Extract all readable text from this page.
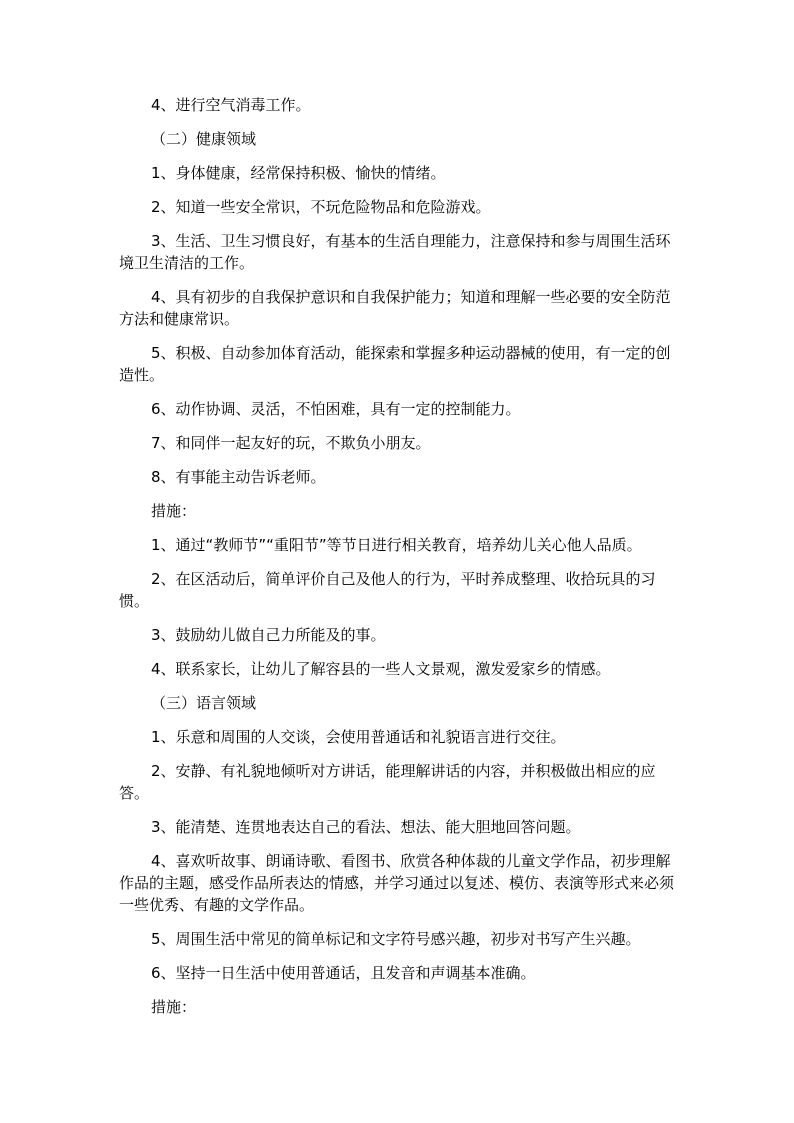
4、进行空气消毒工作。

（二）健康领域

1、身体健康，经常保持积极、愉快的情绪。

2、知道一些安全常识，不玩危险物品和危险游戏。

3、生活、卫生习惯良好，有基本的生活自理能力，注意保持和参与周围生活环境卫生清洁的工作。

4、具有初步的自我保护意识和自我保护能力；知道和理解一些必要的安全防范方法和健康常识。

5、积极、自动参加体育活动，能探索和掌握多种运动器械的使用，有一定的创造性。

6、动作协调、灵活，不怕困难，具有一定的控制能力。

7、和同伴一起友好的玩，不欺负小朋友。

8、有事能主动告诉老师。

措施：

1、通过“教师节”“重阳节”等节日进行相关教育，培养幼儿关心他人品质。

2、在区活动后，简单评价自己及他人的行为，平时养成整理、收拾玩具的习惯。

3、鼓励幼儿做自己力所能及的事。

4、联系家长，让幼儿了解容县的一些人文景观，激发爱家乡的情感。

（三）语言领域

1、乐意和周围的人交谈，会使用普通话和礼貌语言进行交往。

2、安静、有礼貌地倾听对方讲话，能理解讲话的内容，并积极做出相应的应答。

3、能清楚、连贯地表达自己的看法、想法、能大胆地回答问题。

4、喜欢听故事、朗诵诗歌、看图书、欣赏各种体裁的儿童文学作品，初步理解作品的主题，感受作品所表达的情感，并学习通过以复述、模仿、表演等形式来必须一些优秀、有趣的文学作品。

5、周围生活中常见的简单标记和文字符号感兴趣，初步对书写产生兴趣。

6、坚持一日生活中使用普通话，且发音和声调基本准确。

措施：
